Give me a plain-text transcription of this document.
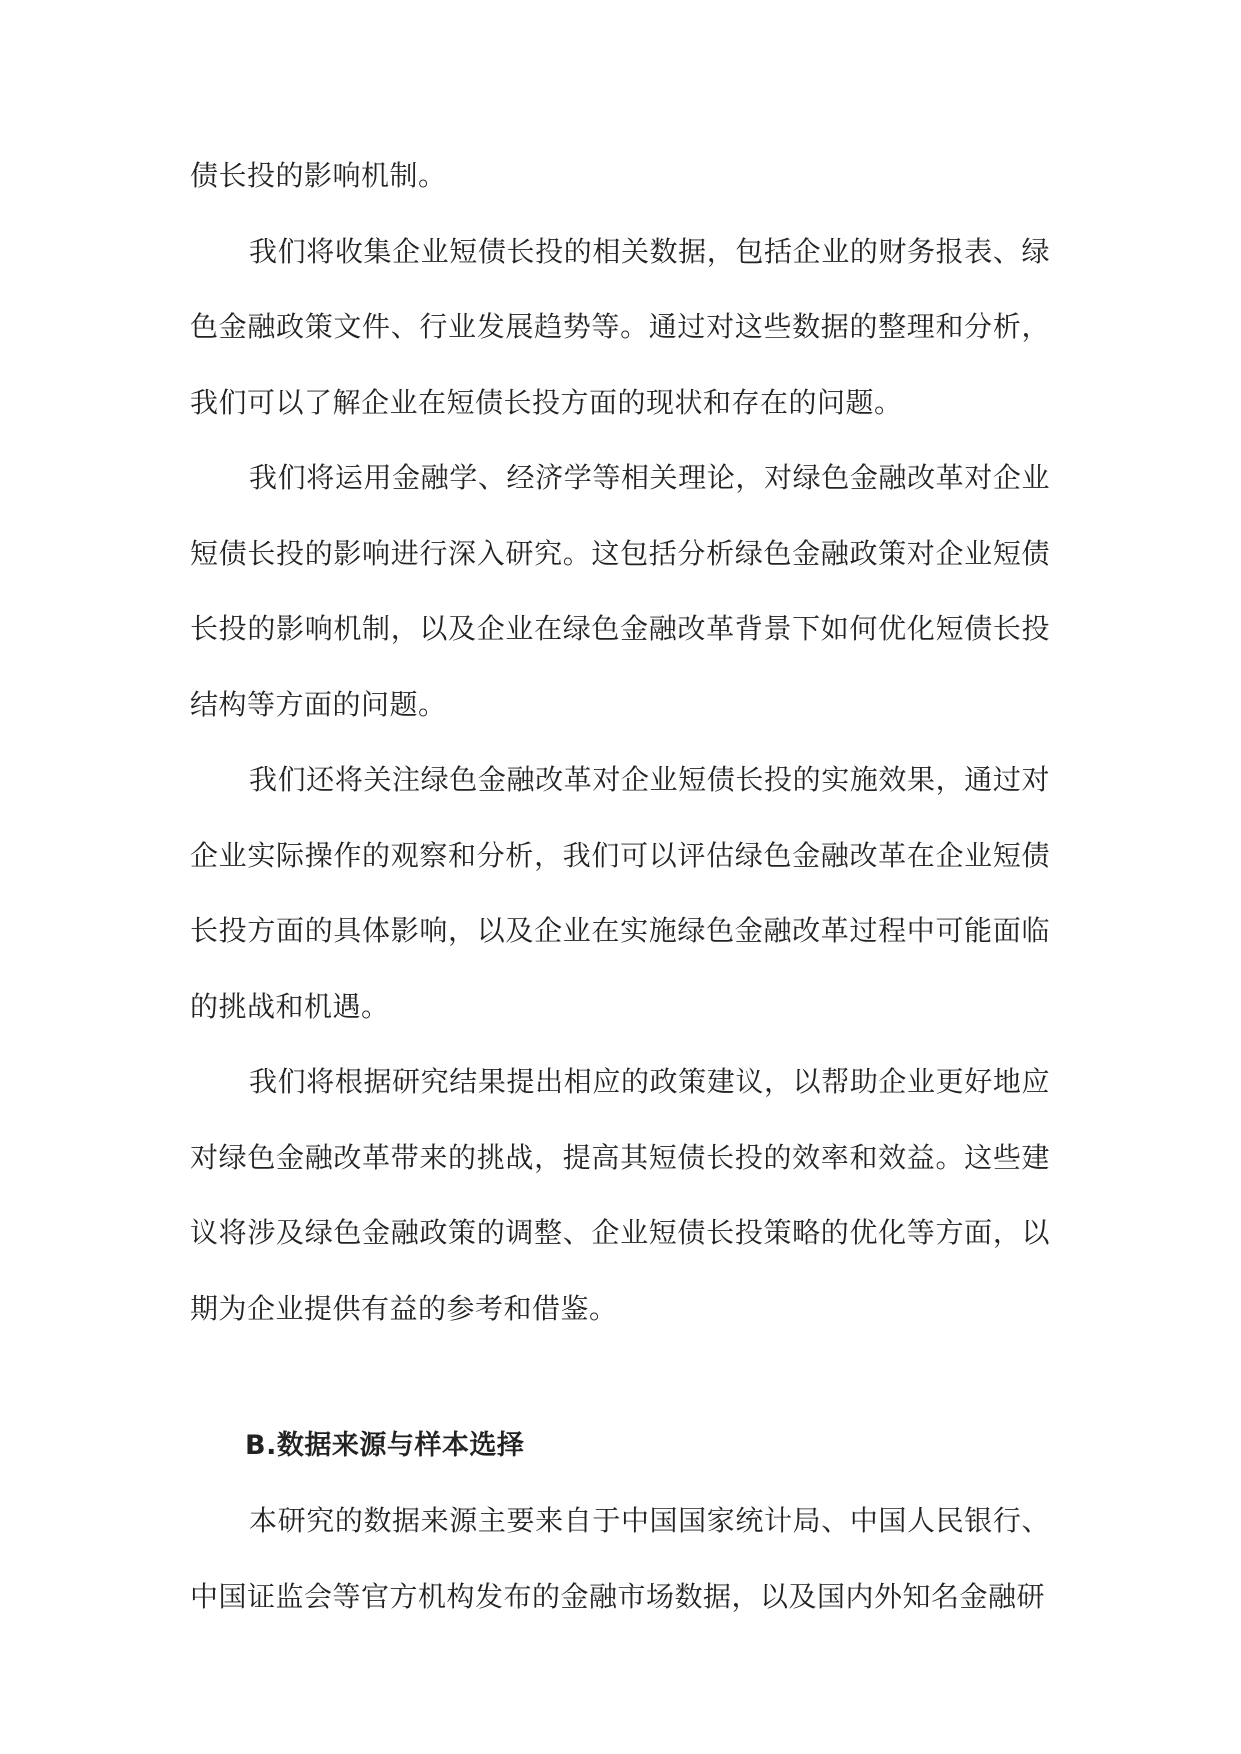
债长投的影响机制。

我们将收集企业短债长投的相关数据，包括企业的财务报表、绿色金融政策文件、行业发展趋势等。通过对这些数据的整理和分析，我们可以了解企业在短债长投方面的现状和存在的问题。

我们将运用金融学、经济学等相关理论，对绿色金融改革对企业短债长投的影响进行深入研究。这包括分析绿色金融政策对企业短债长投的影响机制，以及企业在绿色金融改革背景下如何优化短债长投结构等方面的问题。

我们还将关注绿色金融改革对企业短债长投的实施效果，通过对企业实际操作的观察和分析，我们可以评估绿色金融改革在企业短债长投方面的具体影响，以及企业在实施绿色金融改革过程中可能面临的挑战和机遇。

我们将根据研究结果提出相应的政策建议，以帮助企业更好地应对绿色金融改革带来的挑战，提高其短债长投的效率和效益。这些建议将涉及绿色金融政策的调整、企业短债长投策略的优化等方面，以期为企业提供有益的参考和借鉴。

B.数据来源与样本选择

本研究的数据来源主要来自于中国国家统计局、中国人民银行、中国证监会等官方机构发布的金融市场数据，以及国内外知名金融研
